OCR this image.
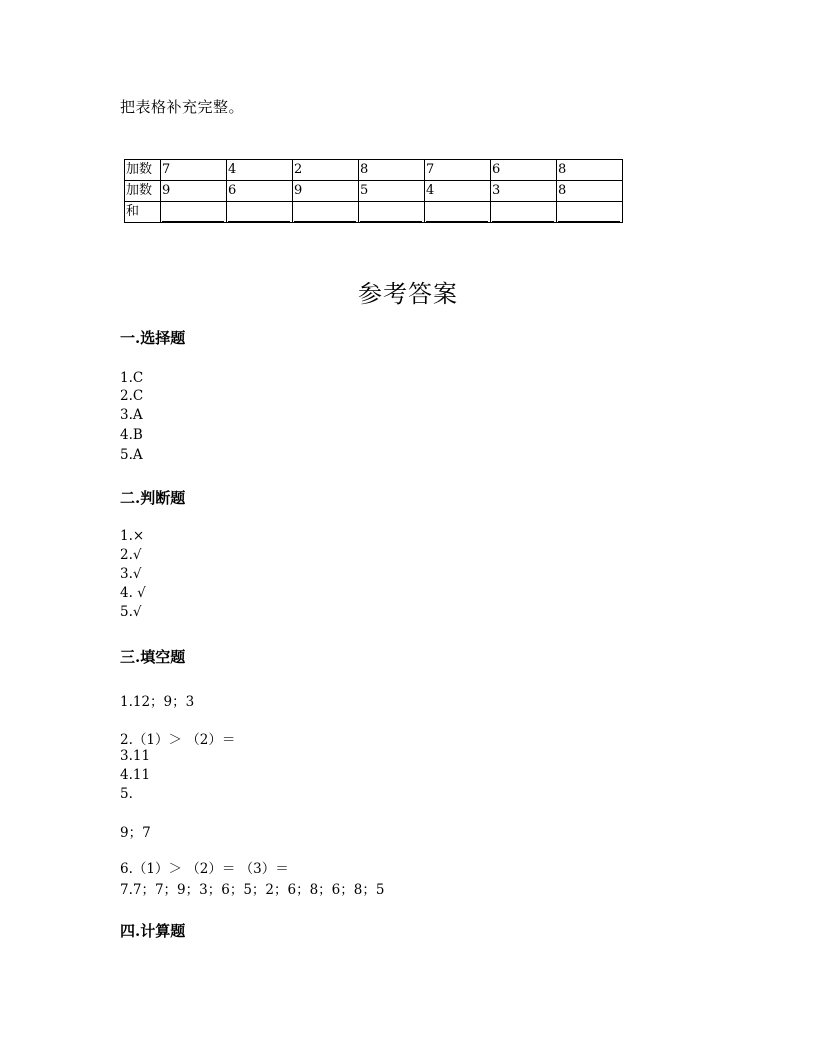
把表格补充完整。
加数	7	4	2	8	7	6	8
加数	9	6	9	5	4	3	8
和							
参考答案
一.选择题
1.C
2.C
3.A
4.B
5.A
二.判断题
1.×
2.√
3.√
4. √
5.√
三.填空题
1.12；9；3
2.（1）＞ （2）＝
3.11
4.11
5.
9；7
6.（1）＞ （2）＝ （3）＝
7.7；7；9；3；6；5；2；6；8；6；8；5
四.计算题
